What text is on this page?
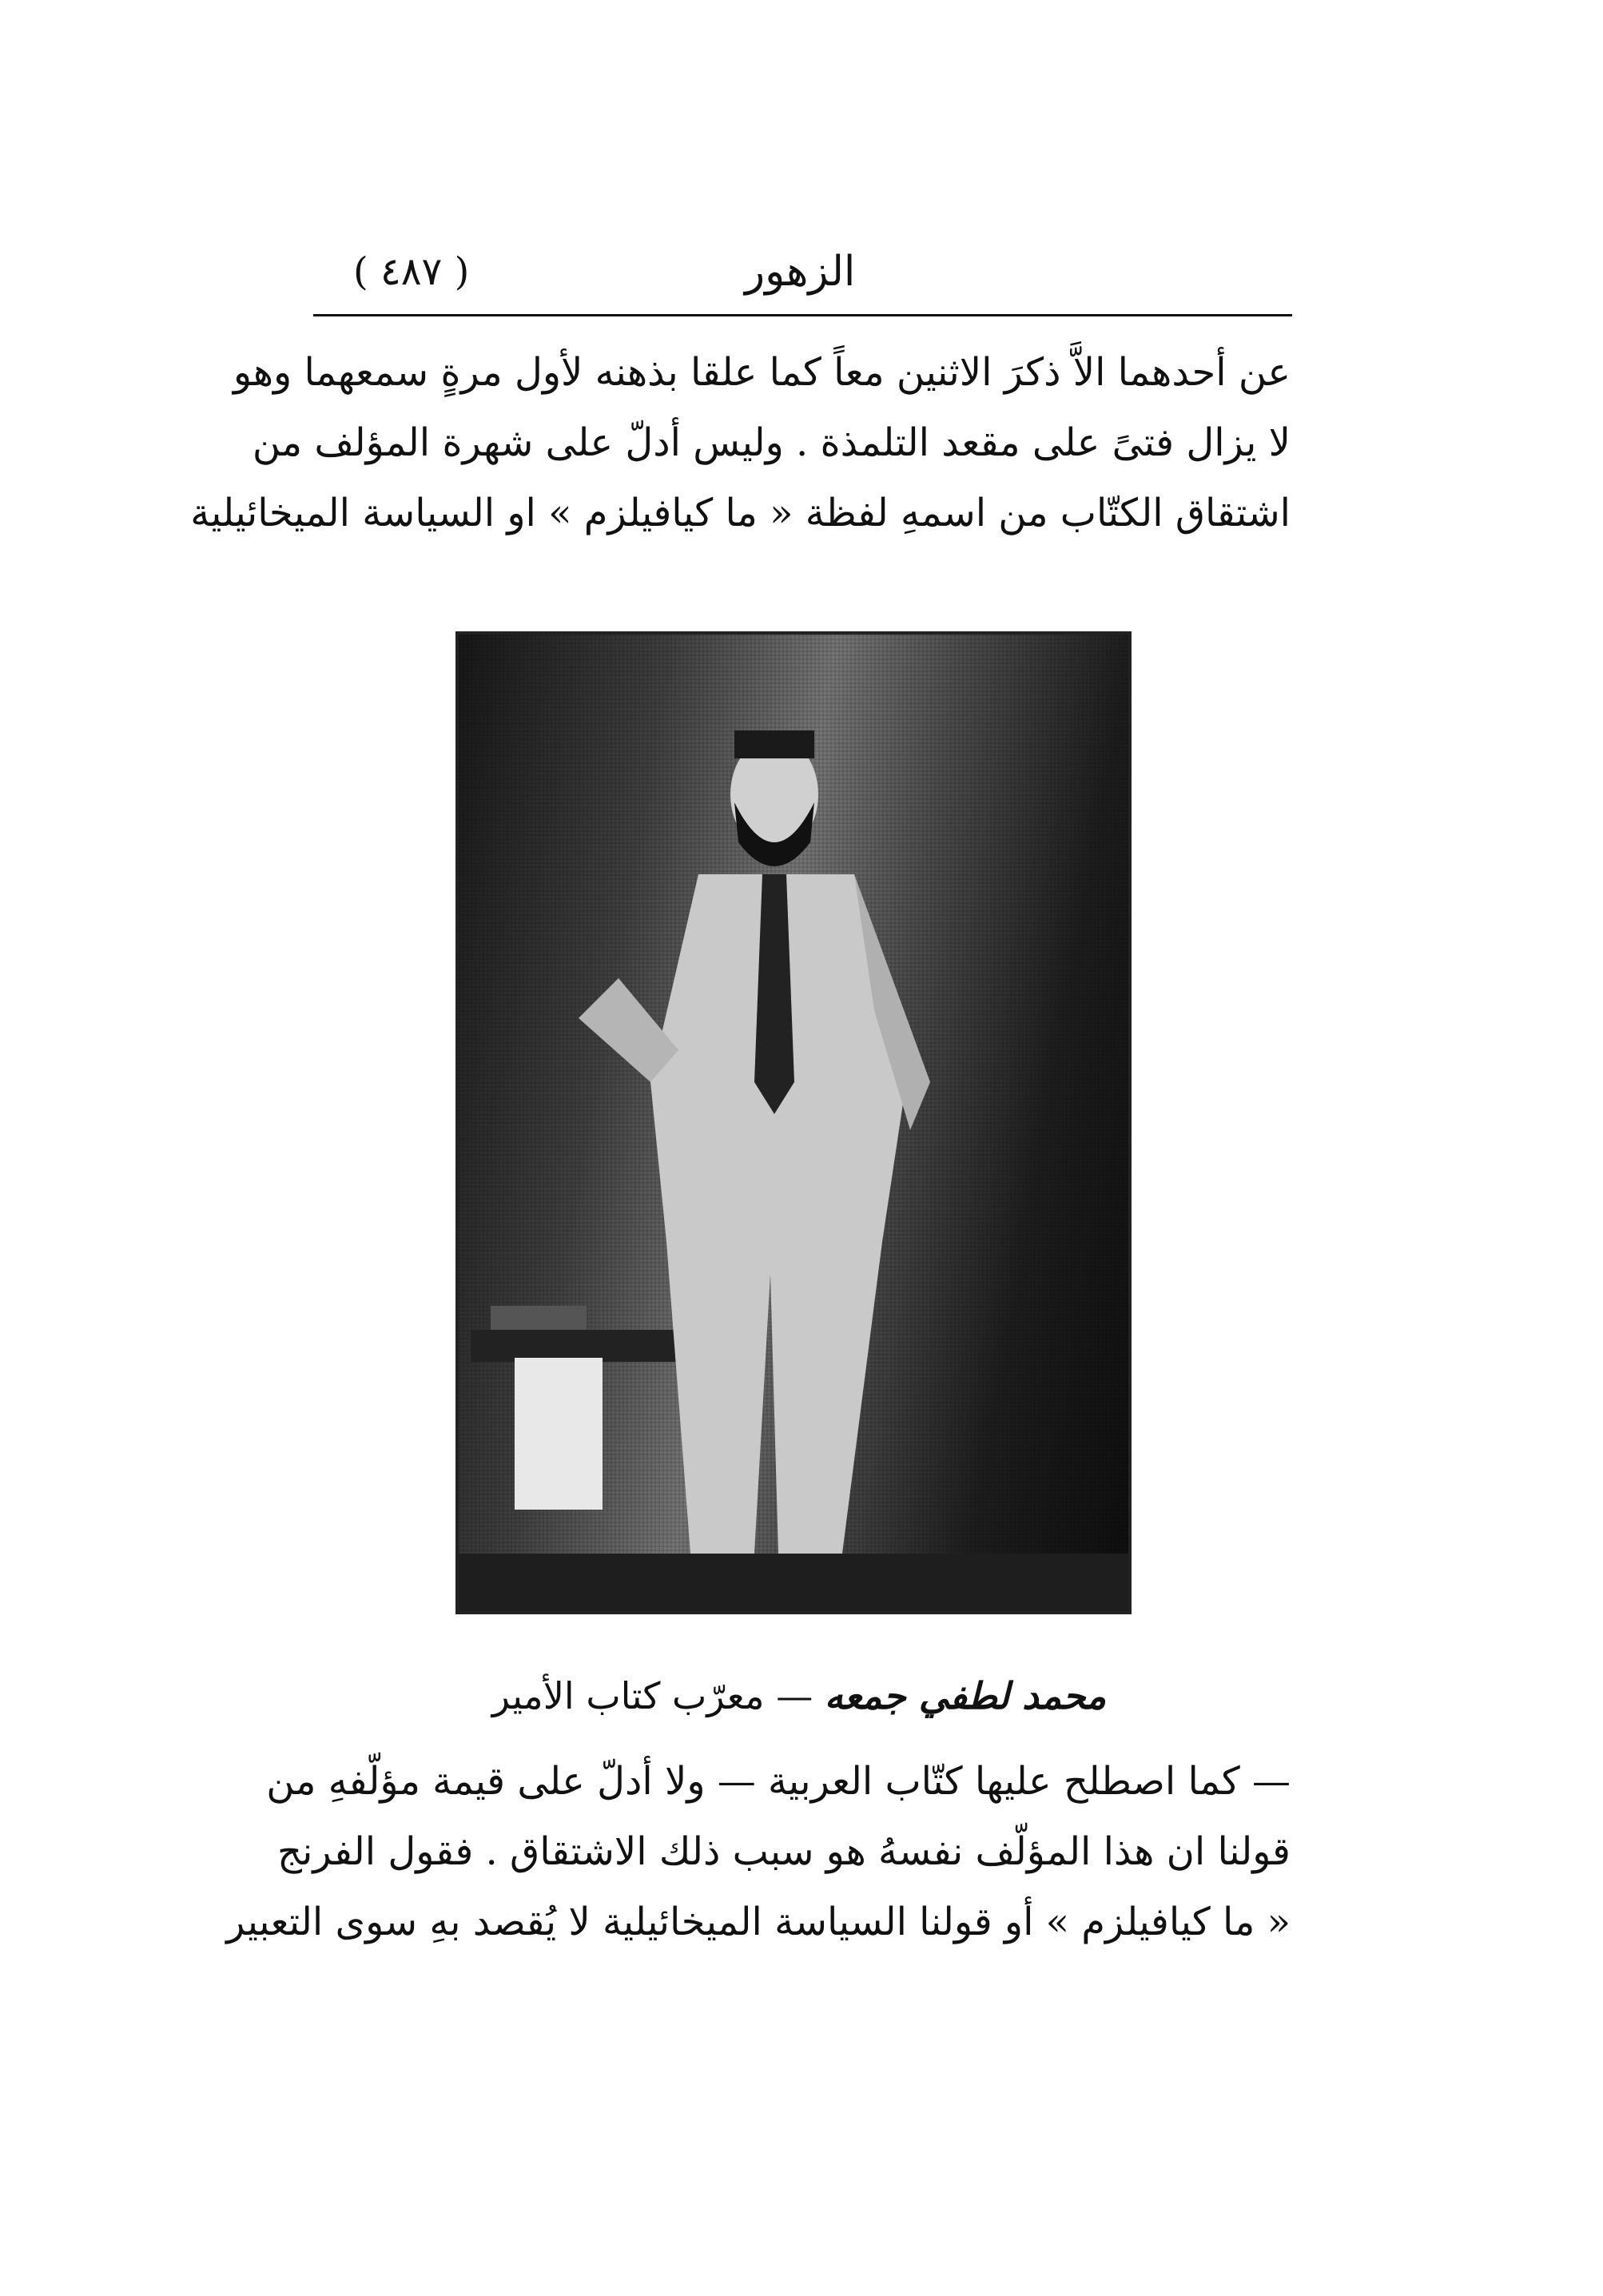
( ٤٨٧ )	الزهور

عن أحدهما الاَّ ذكرَ الاثنين معاً كما علقا بذهنه لأول مرةٍ سمعهما وهو
لا يزال فتىً على مقعد التلمذة . وليس أدلّ على شهرة المؤلف من
اشتقاق الكتّاب من اسمهِ لفظة « ما كيافيلزم » او السياسة الميخائيلية

محمد لطفي جمعه — معرّب كتاب الأمير

— كما اصطلح عليها كتّاب العربية — ولا أدلّ على قيمة مؤلّفهِ من
قولنا ان هذا المؤلّف نفسهُ هو سبب ذلك الاشتقاق . فقول الفرنج
« ما كيافيلزم » أو قولنا السياسة الميخائيلية لا يُقصد بهِ سوى التعبير
